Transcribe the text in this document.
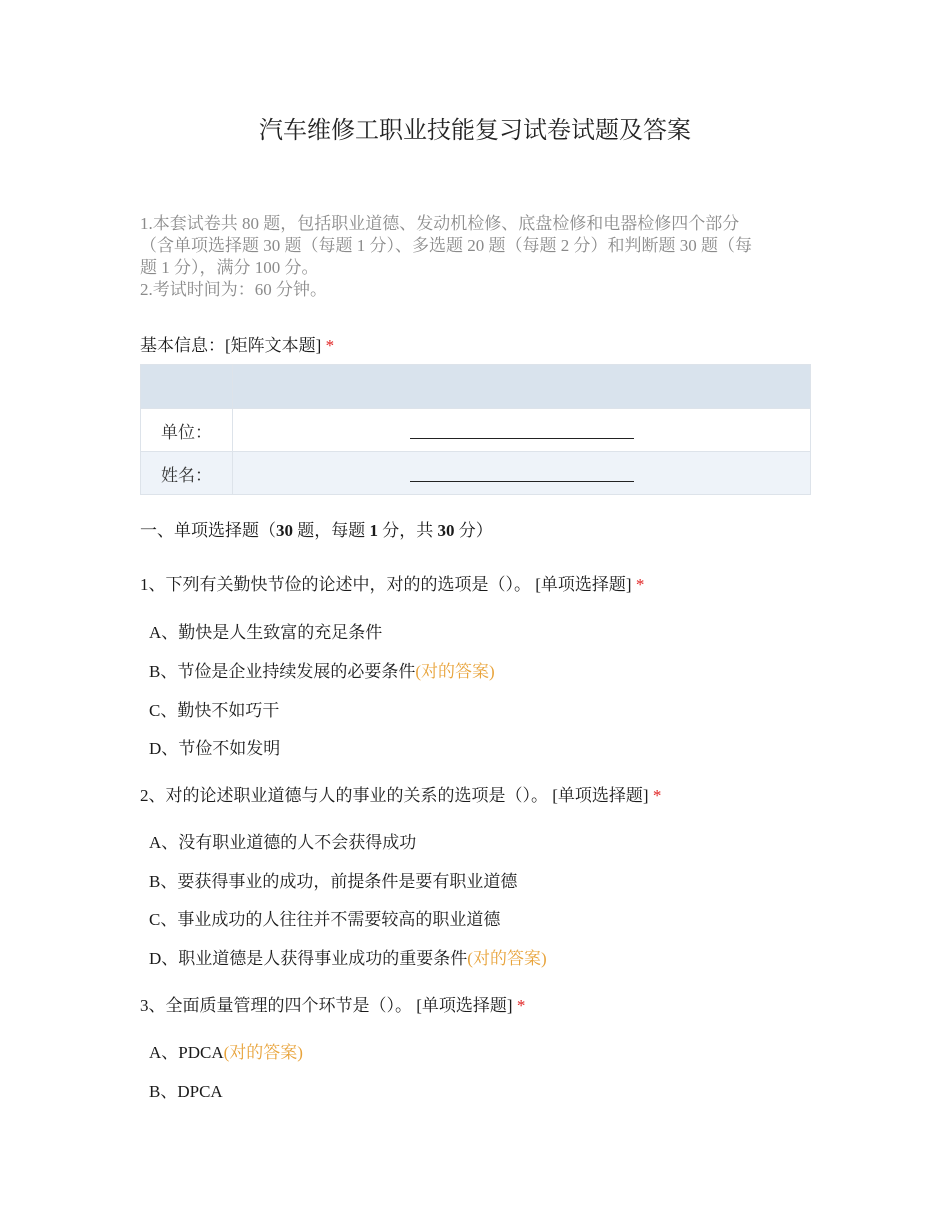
汽车维修工职业技能复习试卷试题及答案
1.本套试卷共 80 题，包括职业道德、发动机检修、底盘检修和电器检修四个部分
（含单项选择题 30 题（每题 1 分）、多选题 20 题（每题 2 分）和判断题 30 题（每
题 1 分），满分 100 分。
2.考试时间为：60 分钟。
基本信息：[矩阵文本题] *

单位：	
姓名：	
一、单项选择题（30 题，每题 1 分，共 30 分）
1、下列有关勤快节俭的论述中，对的的选项是（）。 [单项选择题] *
A、勤快是人生致富的充足条件
B、节俭是企业持续发展的必要条件(对的答案)
C、勤快不如巧干
D、节俭不如发明
2、对的论述职业道德与人的事业的关系的选项是（）。 [单项选择题] *
A、没有职业道德的人不会获得成功
B、要获得事业的成功，前提条件是要有职业道德
C、事业成功的人往往并不需要较高的职业道德
D、职业道德是人获得事业成功的重要条件(对的答案)
3、全面质量管理的四个环节是（）。 [单项选择题] *
A、PDCA(对的答案)
B、DPCA
